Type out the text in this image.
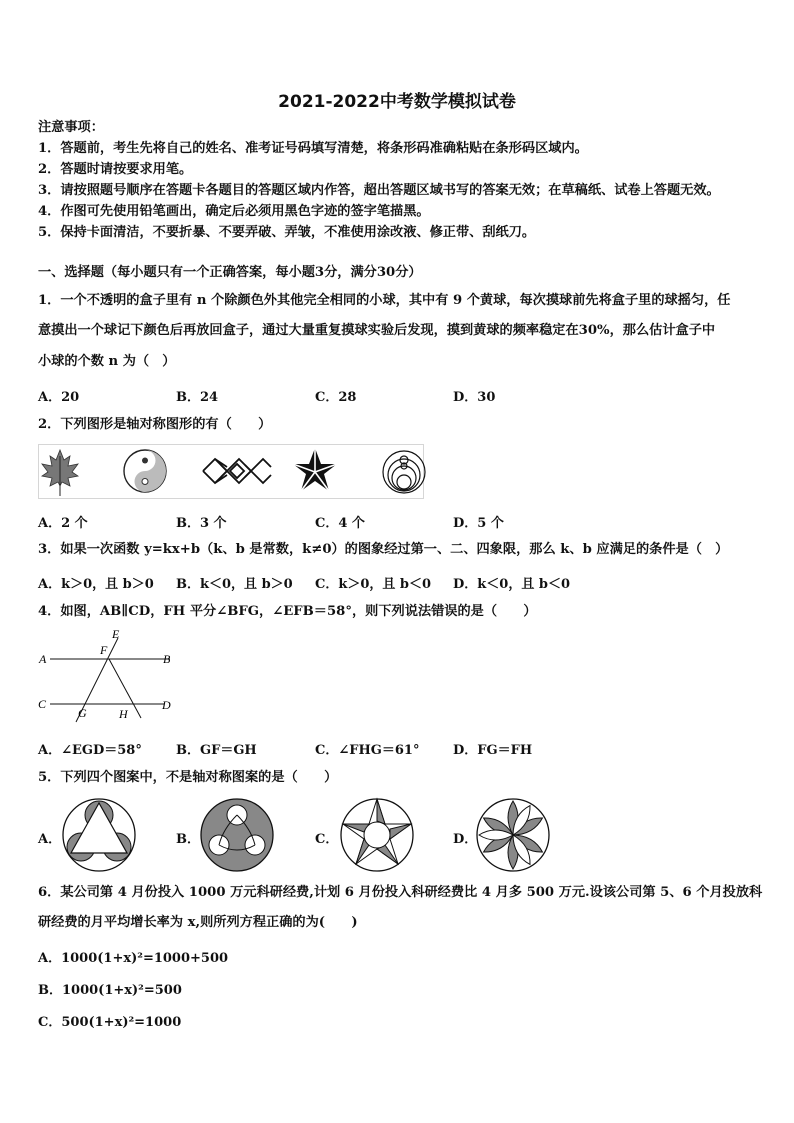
2021-2022中考数学模拟试卷
注意事项：
1．答题前，考生先将自己的姓名、准考证号码填写清楚，将条形码准确粘贴在条形码区域内。
2．答题时请按要求用笔。
3．请按照题号顺序在答题卡各题目的答题区域内作答，超出答题区域书写的答案无效；在草稿纸、试卷上答题无效。
4．作图可先使用铅笔画出，确定后必须用黑色字迹的签字笔描黑。
5．保持卡面清洁，不要折暴、不要弄破、弄皱，不准使用涂改液、修正带、刮纸刀。
一、选择题（每小题只有一个正确答案，每小题3分，满分30分）
1．一个不透明的盒子里有 n 个除颜色外其他完全相同的小球，其中有 9 个黄球，每次摸球前先将盒子里的球摇匀，任
意摸出一个球记下颜色后再放回盒子，通过大量重复摸球实验后发现，摸到黄球的频率稳定在30%，那么估计盒子中
小球的个数 n 为（　）
A．20	B．24	C．28	D．30
2．下列图形是轴对称图形的有（　　）
A．2 个	B．3 个	C．4 个	D．5 个
3．如果一次函数 y=kx+b（k、b 是常数，k≠0）的图象经过第一、二、四象限，那么 k、b 应满足的条件是（　）
A．k＞0，且 b＞0 B．k＜0，且 b＞0 C．k＞0，且 b＜0 D．k＜0，且 b＜0
4．如图，AB∥CD，FH 平分∠BFG，∠EFB＝58°，则下列说法错误的是（　　）
E
F
A	B
C	D
G	H
A．∠EGD＝58°	B．GF＝GH	C．∠FHG＝61°	D．FG＝FH
5．下列四个图案中，不是轴对称图案的是（　　）
A．	B．	C．	D．
6．某公司第 4 月份投入 1000 万元科研经费,计划 6 月份投入科研经费比 4 月多 500 万元.设该公司第 5、6 个月投放科
研经费的月平均增长率为 x,则所列方程正确的为(　　)
A．1000(1+x)²=1000+500
B．1000(1+x)²=500
C．500(1+x)²=1000
